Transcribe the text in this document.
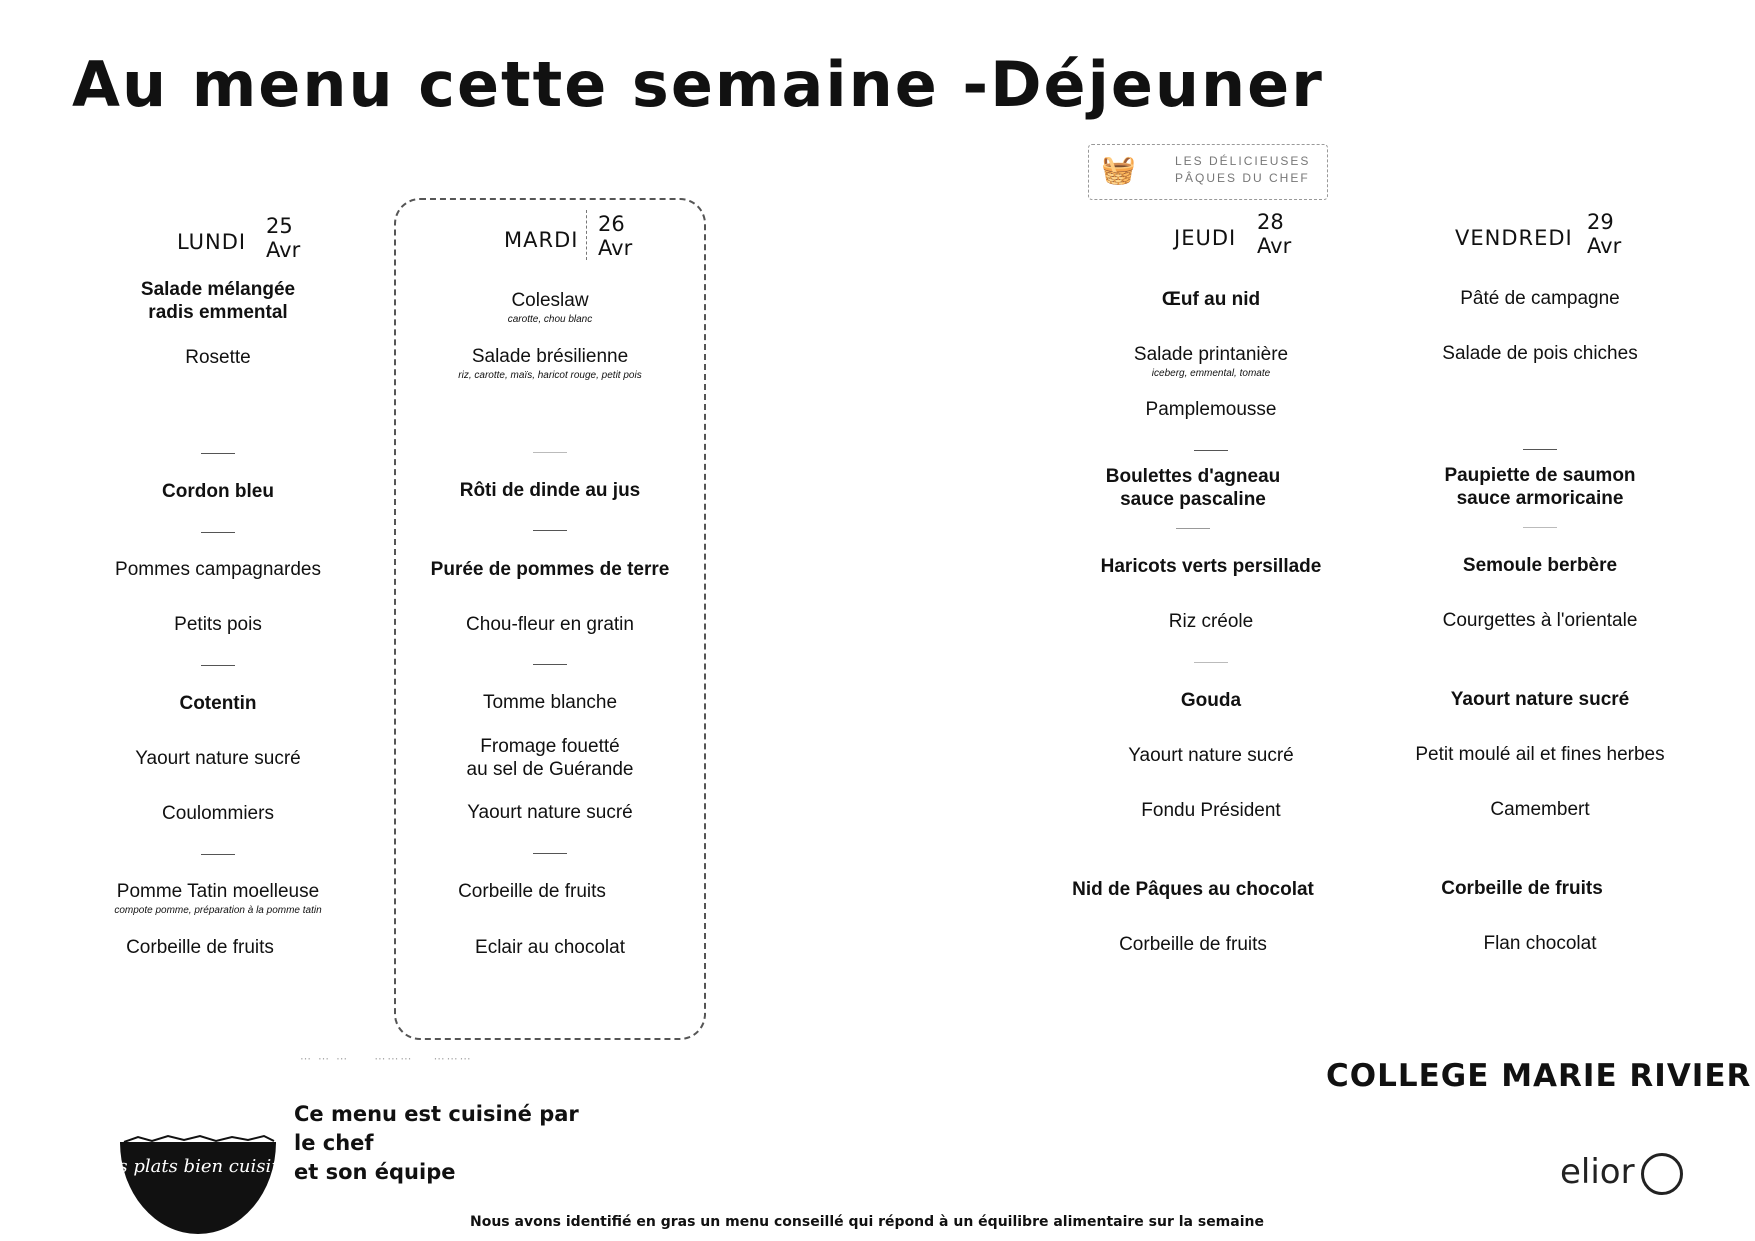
Au menu cette semaine -Déjeuner
🧺	LES DÉLICIEUSES
PÂQUES DU CHEF
LUNDI
25
Avr
Salade mélangée
radis emmental
Rosette
Cordon bleu
Pommes campagnardes
Petits pois
Cotentin
Yaourt nature sucré
Coulommiers
Pomme Tatin moelleuse
compote pomme, préparation à la pomme tatin
Corbeille de fruits
MARDI
26
Avr
Coleslaw
carotte, chou blanc
Salade brésilienne
riz, carotte, maïs, haricot rouge, petit pois
Rôti de dinde au jus
Purée de pommes de terre
Chou-fleur en gratin
Tomme blanche
Fromage fouetté
au sel de Guérande
Yaourt nature sucré
Corbeille de fruits
Eclair au chocolat
JEUDI
28
Avr
Œuf au nid
Salade printanière
iceberg, emmental, tomate
Pamplemousse
Boulettes d'agneau
sauce pascaline
Haricots verts persillade
Riz créole
Gouda
Yaourt nature sucré
Fondu Président
Nid de Pâques au chocolat
Corbeille de fruits
VENDREDI
29
Avr
Pâté de campagne
Salade de pois chiches
Paupiette de saumon
sauce armoricaine
Semoule berbère
Courgettes à l'orientale
Yaourt nature sucré
Petit moulé ail et fines herbes
Camembert
Corbeille de fruits
Flan chocolat
⋯ ⋯ ⋯     ⋯⋯⋯    ⋯⋯⋯	COLLEGE MARIE RIVIER
Des plats bien cuisinés
Ce menu est cuisiné par
le chef
et son équipe	elior
Nous avons identifié en gras un menu conseillé qui répond à un équilibre alimentaire sur la semaine
